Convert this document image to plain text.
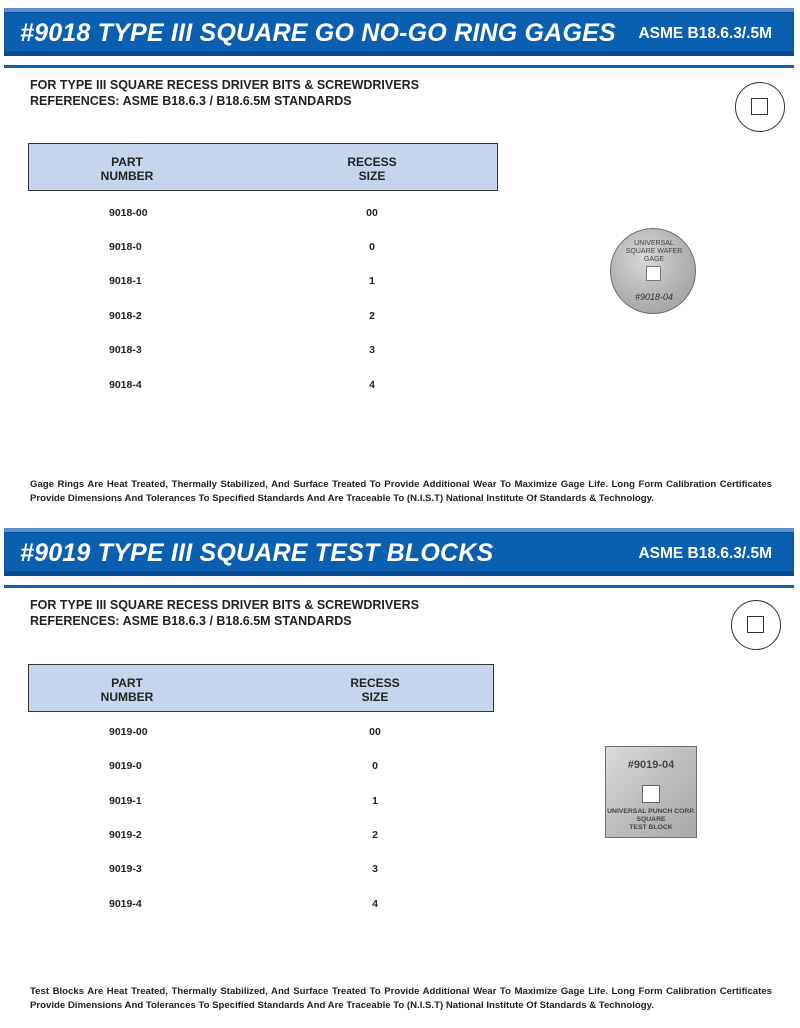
#9018 TYPE III SQUARE GO NO-GO RING GAGES ASME B18.6.3/.5M
FOR TYPE III SQUARE RECESS DRIVER BITS & SCREWDRIVERS
REFERENCES: ASME B18.6.3 / B18.6.5M STANDARDS
PART
NUMBER
RECESS
SIZE
9018-00	00
9018-0	0
9018-1	1
9018-2	2
9018-3	3
9018-4	4
UNIVERSAL
SQUARE WAFER
GAGE
#9018-04
Gage Rings Are Heat Treated, Thermally Stabilized, And Surface Treated To Provide Additional Wear To Maximize Gage Life. Long Form Calibration Certificates Provide Dimensions And Tolerances To Specified Standards And Are Traceable To (N.I.S.T) National Institute Of Standards & Technology.
#9019 TYPE III SQUARE TEST BLOCKS	ASME B18.6.3/.5M
FOR TYPE III SQUARE RECESS DRIVER BITS & SCREWDRIVERS
REFERENCES: ASME B18.6.3 / B18.6.5M STANDARDS
PART
NUMBER
RECESS
SIZE
9019-00	00
9019-0	0
9019-1	1
9019-2	2
9019-3	3
9019-4	4
#9019-04
UNIVERSAL PUNCH CORP.
SQUARE
TEST BLOCK
Test Blocks Are Heat Treated, Thermally Stabilized, And Surface Treated To Provide Additional Wear To Maximize Gage Life. Long Form Calibration Certificates Provide Dimensions And Tolerances To Specified Standards And Are Traceable To (N.I.S.T) National Institute Of Standards & Technology.
